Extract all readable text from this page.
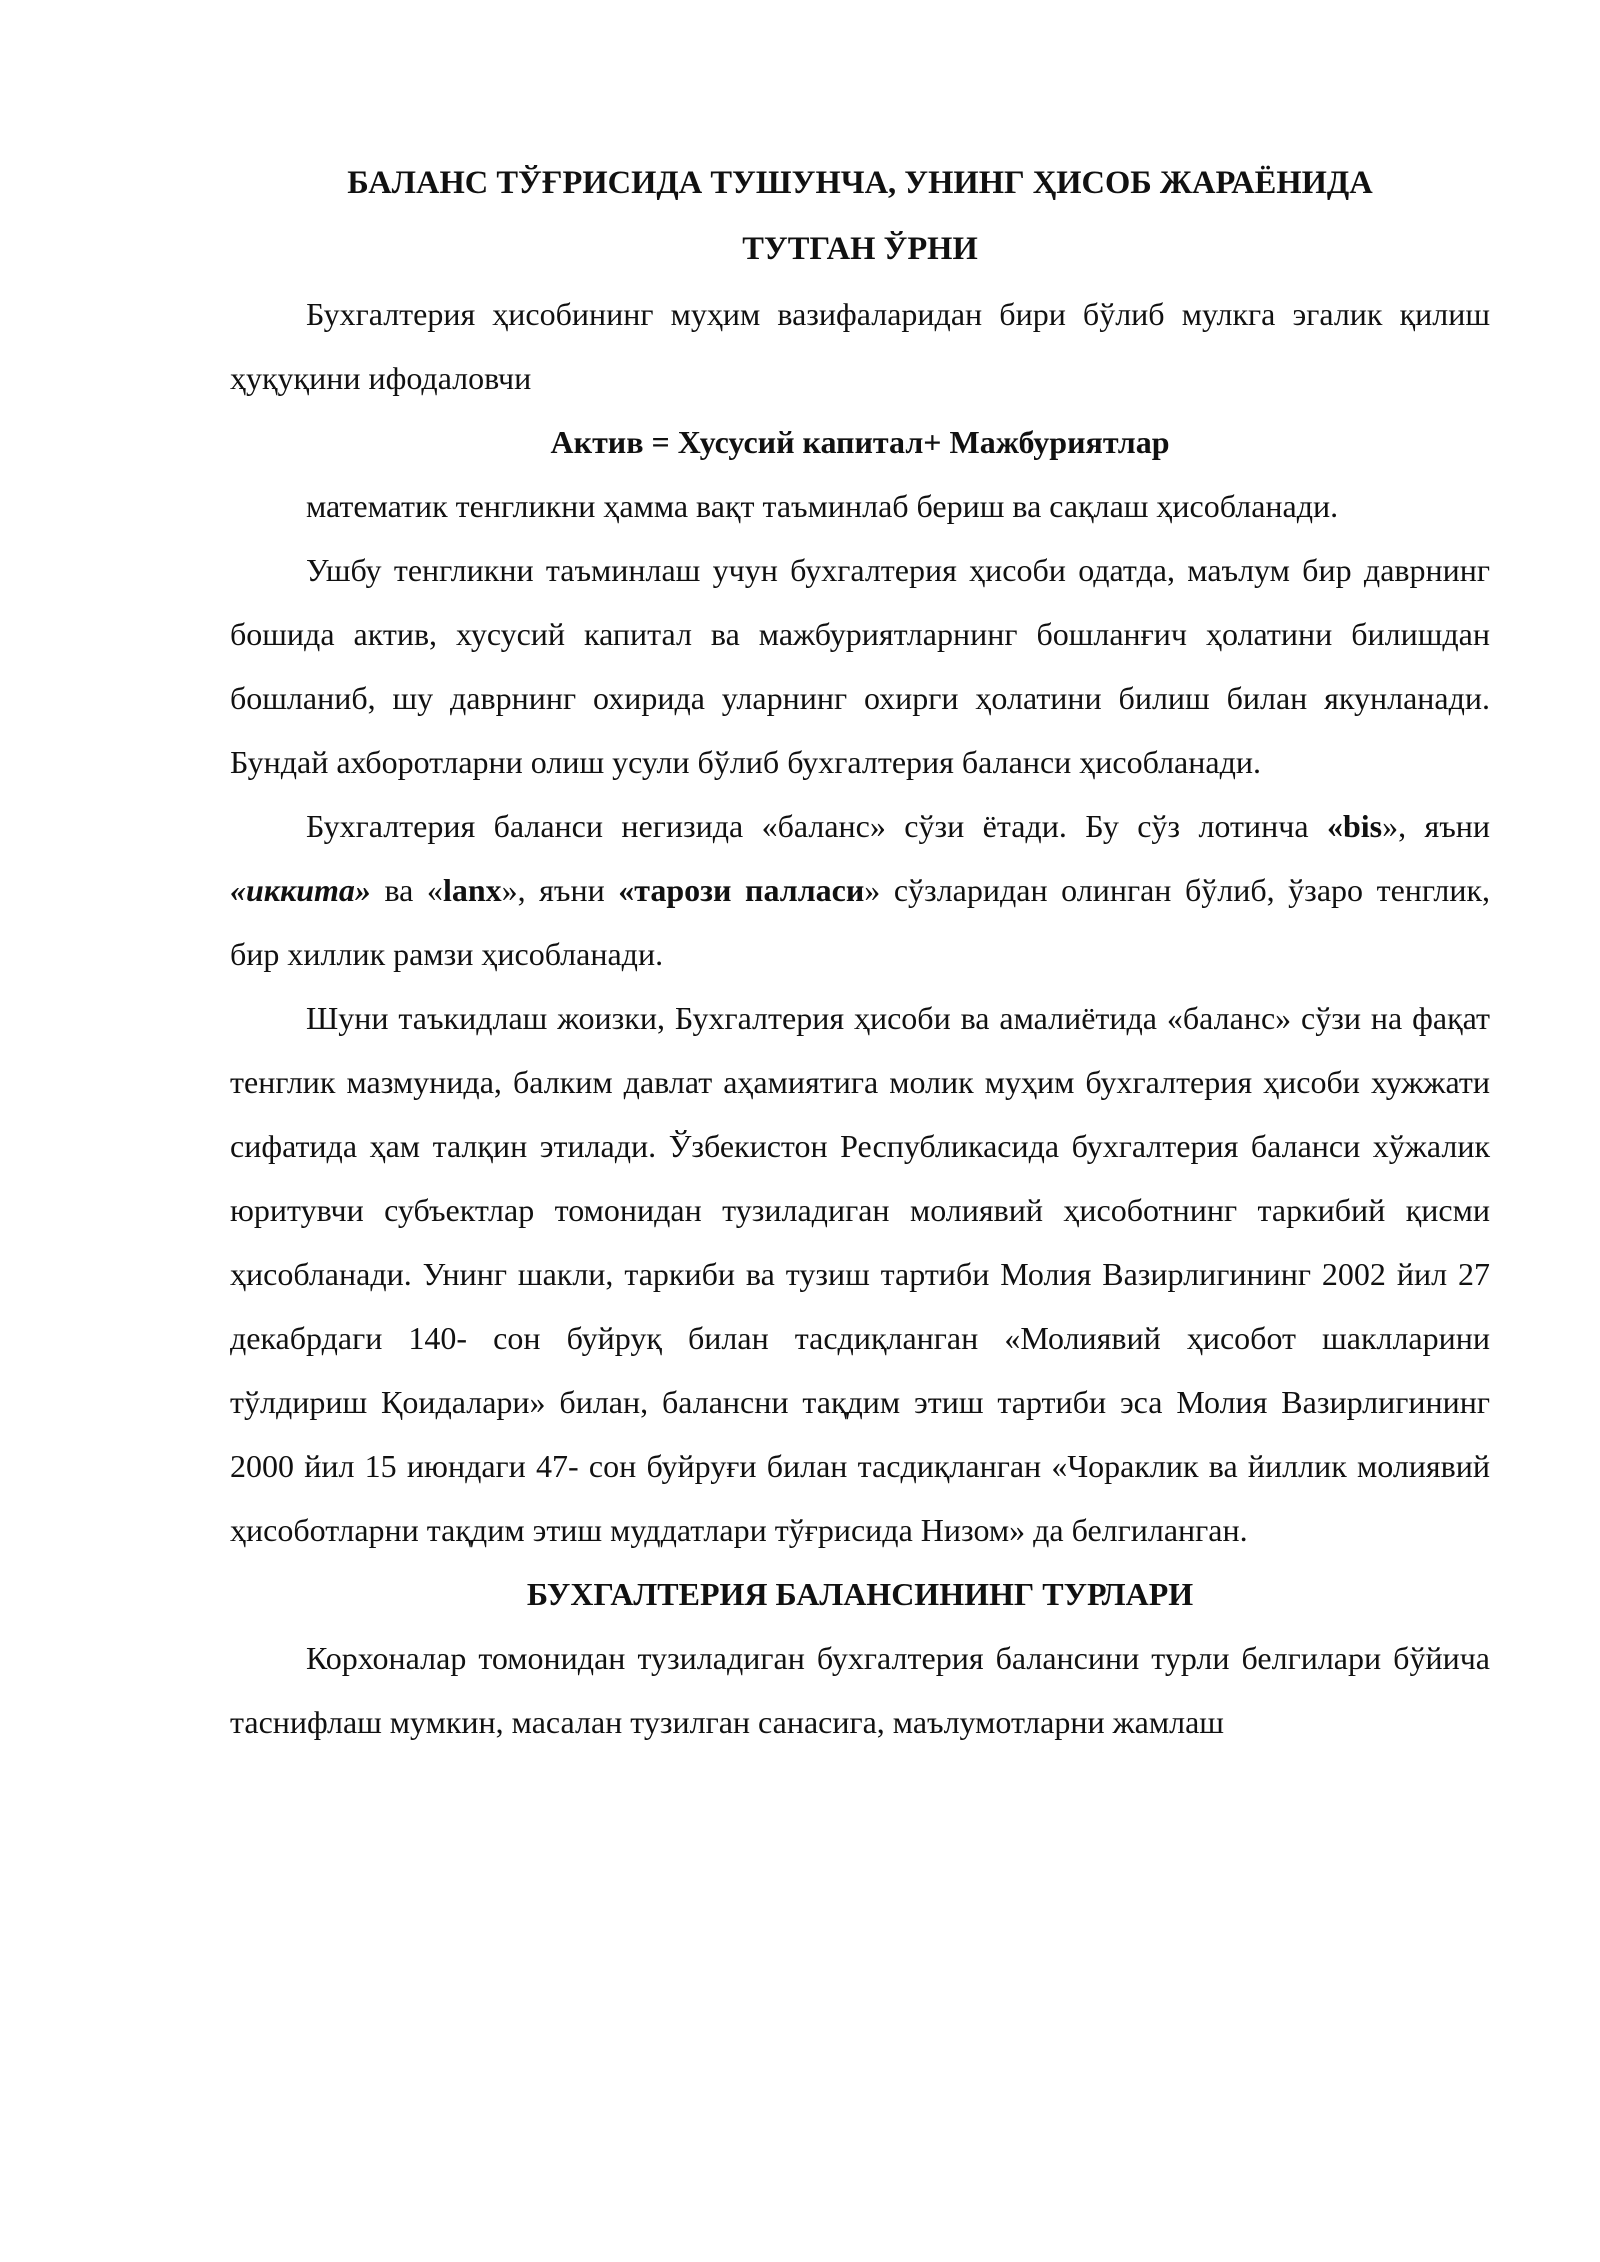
БАЛАНС ТЎҒРИСИДА ТУШУНЧА, УНИНГ ҲИСОБ ЖАРАЁНИДА
ТУТГАН ЎРНИ

Бухгалтерия ҳисобининг муҳим вазифаларидан бири бўлиб мулкга эгалик қилиш ҳуқуқини ифодаловчи

Актив = Хусусий капитал+ Мажбуриятлар

математик тенгликни ҳамма вақт таъминлаб бериш ва сақлаш ҳисобланади.

Ушбу тенгликни таъминлаш учун бухгалтерия ҳисоби одатда, маълум бир даврнинг бошида актив, хусусий капитал ва мажбуриятларнинг бошланғич ҳолатини билишдан бошланиб, шу даврнинг охирида уларнинг охирги ҳолатини билиш билан якунланади. Бундай ахборотларни олиш усули бўлиб бухгалтерия баланси ҳисобланади.

Бухгалтерия баланси негизида «баланс» сўзи ётади. Бу сўз лотинча «bis», яъни «иккита» ва «lanx», яъни «тарози палласи» сўзларидан олинган бўлиб, ўзаро тенглик, бир хиллик рамзи ҳисобланади.

Шуни таъкидлаш жоизки, Бухгалтерия ҳисоби ва амалиётида «баланс» сўзи на фақат тенглик мазмунида, балким давлат аҳамиятига молик муҳим бухгалтерия ҳисоби хужжати сифатида ҳам талқин этилади. Ўзбекистон Республикасида бухгалтерия баланси хўжалик юритувчи субъектлар томонидан тузиладиган молиявий ҳисоботнинг таркибий қисми ҳисобланади. Унинг шакли, таркиби ва тузиш тартиби Молия Вазирлигининг 2002 йил 27 декабрдаги 140- сон буйруқ билан тасдиқланган «Молиявий ҳисобот шаклларини тўлдириш Қоидалари» билан, балансни тақдим этиш тартиби эса Молия Вазирлигининг 2000 йил 15 июндаги 47- сон буйруғи билан тасдиқланган «Чораклик ва йиллик молиявий ҳисоботларни тақдим этиш муддатлари тўғрисида Низом» да белгиланган.

БУХГАЛТЕРИЯ БАЛАНСИНИНГ ТУРЛАРИ

Корхоналар томонидан тузиладиган бухгалтерия балансини турли белгилари бўйича таснифлаш мумкин, масалан тузилган санасига, маълумотларни жамлаш
